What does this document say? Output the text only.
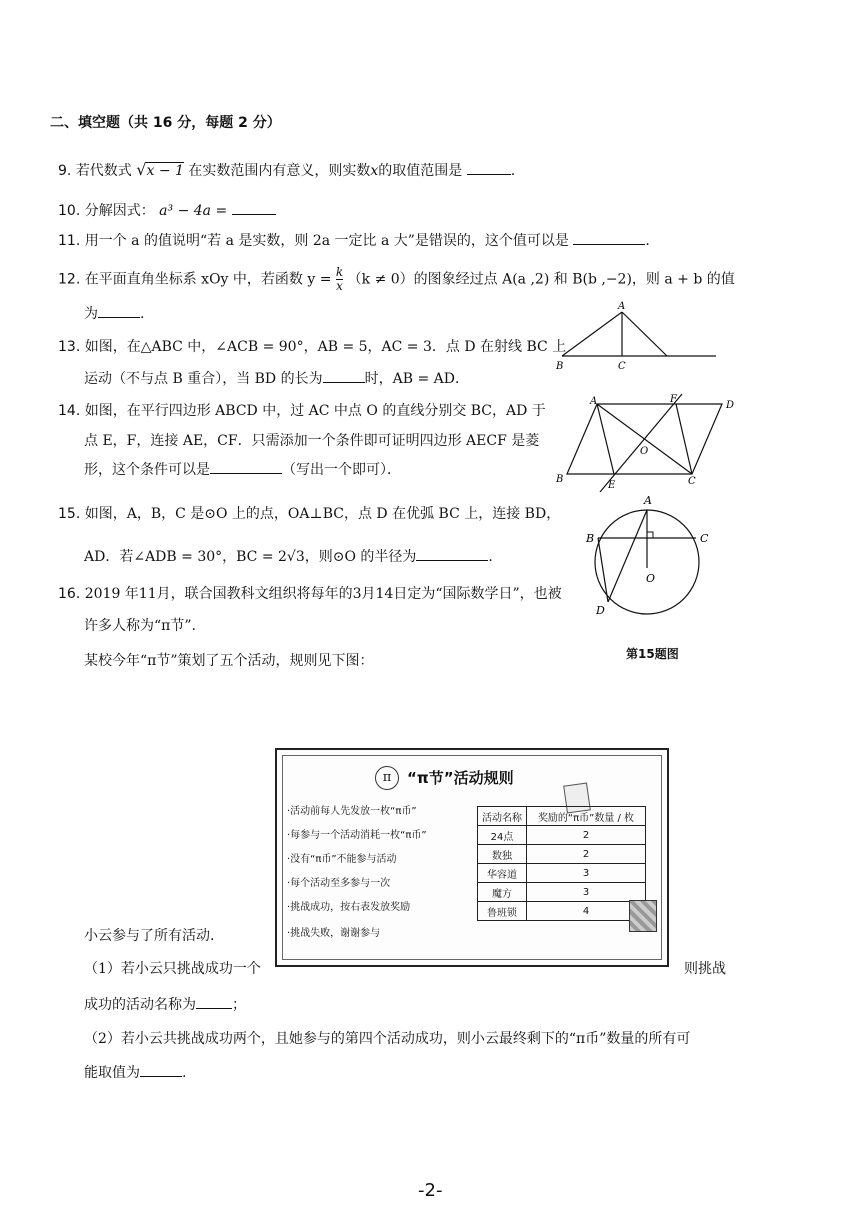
二、填空题（共 16 分，每题 2 分）
9. 若代数式 √x − 1 在实数范围内有意义，则实数x的取值范围是	.
10. 分解因式： a³ − 4a =
11. 用一个 a 的值说明“若 a 是实数，则 2a 一定比 a 大”是错误的，这个值可以是	.
12. 在平面直角坐标系 xOy 中，若函数 $y = \frac{k}{x} (k \ne 0)$的图象经过点 A(a ,2) 和 B(b ,−2)，则 a + b 的值
为	.
13. 如图，在△ABC 中，∠ACB = 90°，AB = 5，AC = 3．点 D 在射线 BC 上
运动（不与点 B 重合），当 BD 的长为	时，AB = AD．
A
B	C
14. 如图，在平行四边形 ABCD 中，过 AC 中点 O 的直线分别交 BC，AD 于
点 E，F，连接 AE，CF．只需添加一个条件即可证明四边形 AECF 是菱
形，这个条件可以是	（写出一个即可）．
A	F
D
O
B
E	C
15. 如图，A，B，C 是⊙O 上的点，OA⊥BC，点 D 在优弧 BC 上，连接 BD，
AD．若∠ADB = 30°，BC = 2√3，则⊙O 的半径为	.
A
B	C
O
D
第15题图
16. 2019 年11月，联合国教科文组织将每年的3月14日定为“国际数学日”，也被
许多人称为“π节”.
某校今年“π节”策划了五个活动，规则见下图：
π	“π节”活动规则
·活动前每人先发放一枚“π币”
·每参与一个活动消耗一枚“π币”
·没有“π币”不能参与活动
·每个活动至多参与一次
·挑战成功，按右表发放奖励
·挑战失败，谢谢参与
活动名称	奖励的“π币”数量 / 枚
24点	2
数独	2
华容道	3
魔方	3
鲁班锁	4
小云参与了所有活动.
（1）若小云只挑战成功一个	则挑战
成功的活动名称为	；
（2）若小云共挑战成功两个，且她参与的第四个活动成功，则小云最终剩下的“π币”数量的所有可
能取值为	.
-2-
